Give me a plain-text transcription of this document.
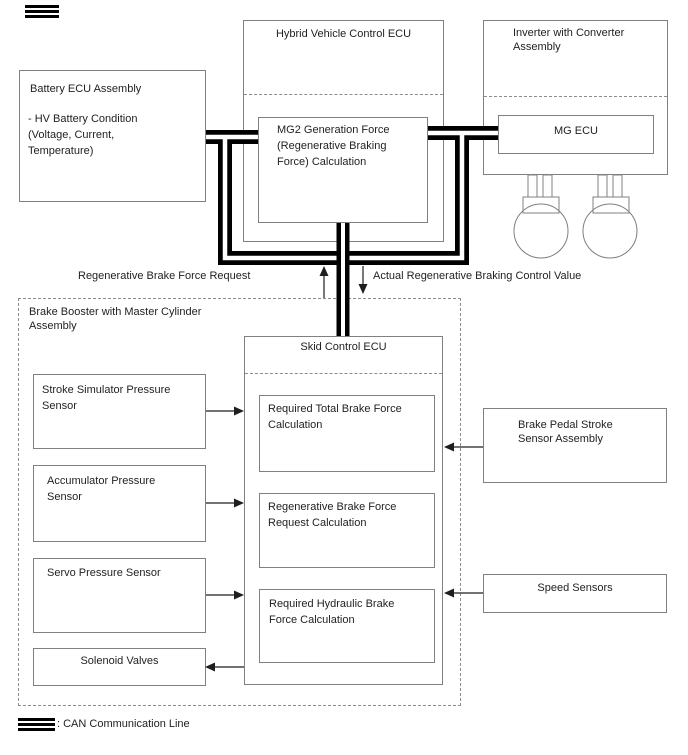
Battery ECU Assembly
- HV Battery Condition
(Voltage, Current,
Temperature)
Hybrid Vehicle Control ECU
MG2 Generation Force
(Regenerative Braking
Force) Calculation
Inverter with Converter
Assembly
MG ECU
Regenerative Brake Force Request	Actual Regenerative Braking Control Value
Brake Booster with Master Cylinder
Assembly
Skid Control ECU
Required Total Brake Force
Calculation
Regenerative Brake Force
Request Calculation
Required Hydraulic Brake
Force Calculation
Stroke Simulator Pressure
Sensor
Accumulator Pressure
Sensor
Servo Pressure Sensor
Solenoid Valves
Brake Pedal Stroke
Sensor Assembly
Speed Sensors
: CAN Communication Line
